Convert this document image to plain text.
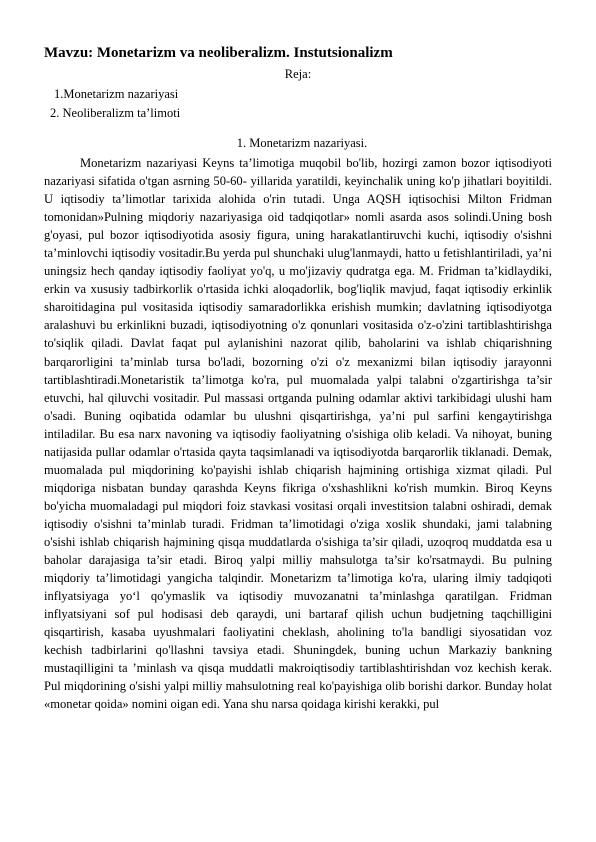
Mavzu: Monetarizm va neoliberalizm. Instutsionalizm
Reja:
1.Monetarizm nazariyasi
2. Neoliberalizm ta’limoti
1. Monetarizm nazariyasi.

Monetarizm nazariyasi Keyns ta’limotiga muqobil bo'lib, hozirgi zamon bozor iqtisodiyoti nazariyasi sifatida o'tgan asrning 50-60- yillarida yaratildi, keyinchalik uning ko'p jihatlari boyitildi. U iqtisodiy ta’limotlar tarixida alohida o'rin tutadi. Unga AQSH iqtisochisi Milton Fridman tomonidan»Pulning miqdoriy nazariyasiga oid tadqiqotlar» nomli asarda asos solindi.Uning bosh g'oyasi, pul bozor iqtisodiyotida asosiy figura, uning harakatlantiruvchi kuchi, iqtisodiy o'sishni ta’minlovchi iqtisodiy vositadir.Bu yerda pul shunchaki ulug'lanmaydi, hatto u fetishlantiriladi, ya’ni uningsiz hech qanday iqtisodiy faoliyat yo'q, u mo'jizaviy qudratga ega. M. Fridman ta’kidlaydiki, erkin va xususiy tadbirkorlik o'rtasida ichki aloqadorlik, bog'liqlik mavjud, faqat iqtisodiy erkinlik sharoitidagina pul vositasida iqtisodiy samaradorlikka erishish mumkin; davlatning iqtisodiyotga aralashuvi bu erkinlikni buzadi, iqtisodiyotning o'z qonunlari vositasida o'z-o'zini tartiblashtirishga to'siqlik qiladi. Davlat faqat pul aylanishini nazorat qilib, baholarini va ishlab chiqarishning barqarorligini ta’minlab tursa bo'ladi, bozorning o'zi o'z mexanizmi bilan iqtisodiy jarayonni tartiblashtiradi.Monetaristik ta’limotga ko'ra, pul muomalada yalpi talabni o'zgartirishga ta’sir etuvchi, hal qiluvchi vositadir. Pul massasi ortganda pulning odamlar aktivi tarkibidagi ulushi ham o'sadi. Buning oqibatida odamlar bu ulushni qisqartirishga, ya’ni pul sarfini kengaytirishga intiladilar. Bu esa narx navoning va iqtisodiy faoliyatning o'sishiga olib keladi. Va nihoyat, buning natijasida pullar odamlar o'rtasida qayta taqsimlanadi va iqtisodiyotda barqarorlik tiklanadi. Demak, muomalada pul miqdorining ko'payishi ishlab chiqarish hajmining ortishiga xizmat qiladi. Pul miqdoriga nisbatan bunday qarashda Keyns fikriga o'xshashlikni ko'rish mumkin. Biroq Keyns bo'yicha muomaladagi pul miqdori foiz stavkasi vositasi orqali investitsion talabni oshiradi, demak iqtisodiy o'sishni ta’minlab turadi. Fridman ta’limotidagi o'ziga xoslik shundaki, jami talabning o'sishi ishlab chiqarish hajmining qisqa muddatlarda o'sishiga ta’sir qiladi, uzoqroq muddatda esa u baholar darajasiga ta’sir etadi. Biroq yalpi milliy mahsulotga ta’sir ko'rsatmaydi. Bu pulning miqdoriy ta’limotidagi yangicha talqindir. Monetarizm ta’limotiga ko'ra, ularing ilmiy tadqiqoti inflyatsiyaga yo‘l qo'ymaslik va iqtisodiy muvozanatni ta’minlashga qaratilgan. Fridman inflyatsiyani sof pul hodisasi deb qaraydi, uni bartaraf qilish uchun budjetning taqchilligini qisqartirish, kasaba uyushmalari faoliyatini cheklash, aholining to'la bandligi siyosatidan voz kechish tadbirlarini qo'llashni tavsiya etadi. Shuningdek, buning uchun Markaziy bankning mustaqilligini ta ’minlash va qisqa muddatli makroiqtisodiy tartiblashtirishdan voz kechish kerak. Pul miqdorining o'sishi yalpi milliy mahsulotning real ko'payishiga olib borishi darkor. Bunday holat «monetar qoida» nomini oigan edi. Yana shu narsa qoidaga kirishi kerakki, pul
